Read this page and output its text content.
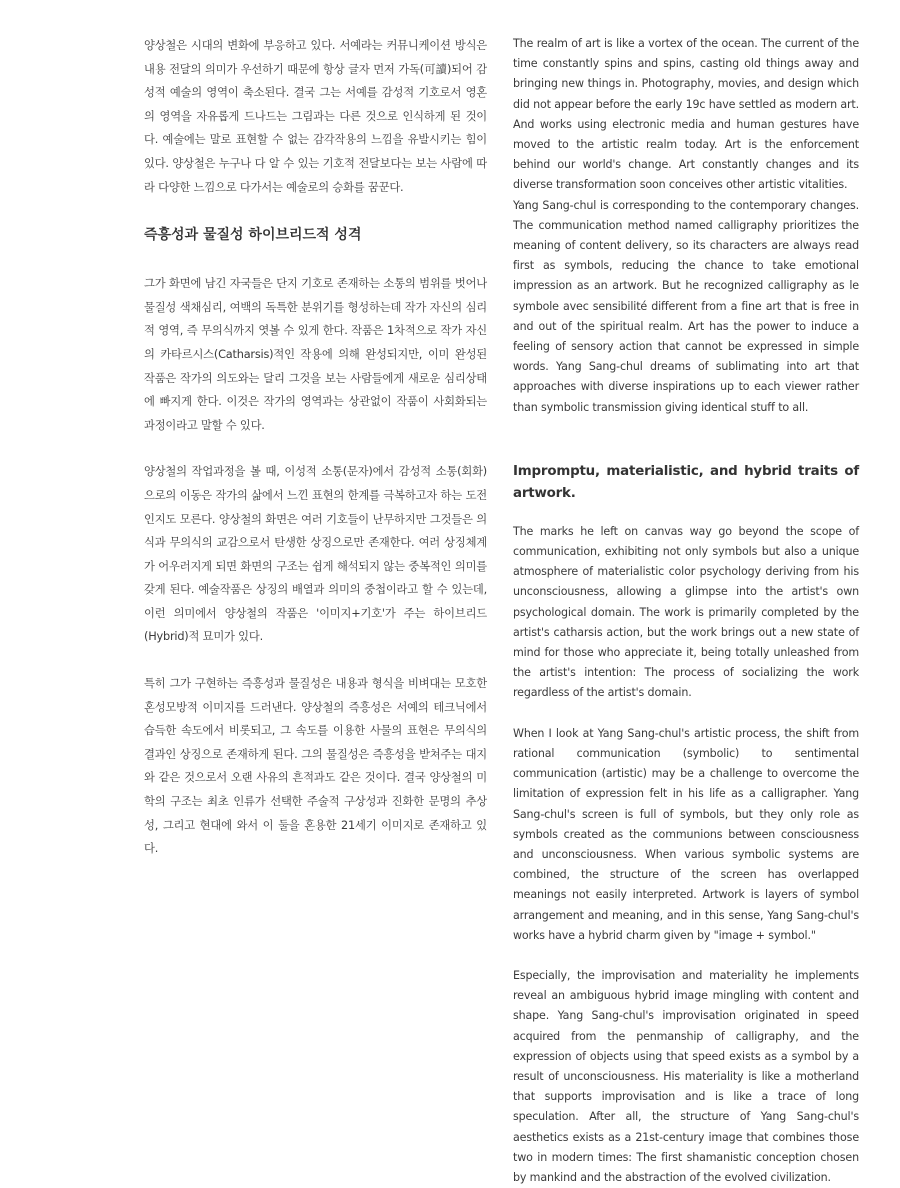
양상철은 시대의 변화에 부응하고 있다. 서예라는 커뮤니케이션 방식은 내용 전달의 의미가 우선하기 때문에 항상 글자 먼저 가독(可讀)되어 감성적 예술의 영역이 축소된다. 결국 그는 서예를 감성적 기호로서 영혼의 영역을 자유롭게 드나드는 그림과는 다른 것으로 인식하게 된 것이다. 예술에는 말로 표현할 수 없는 감각작용의 느낌을 유발시키는 힘이 있다. 양상철은 누구나 다 알 수 있는 기호적 전달보다는 보는 사람에 따라 다양한 느낌으로 다가서는 예술로의 승화를 꿈꾼다.

즉흥성과 물질성 하이브리드적 성격

그가 화면에 남긴 자국들은 단지 기호로 존재하는 소통의 범위를 벗어나 물질성 색채심리, 여백의 독특한 분위기를 형성하는데 작가 자신의 심리적 영역, 즉 무의식까지 엿볼 수 있게 한다. 작품은 1차적으로 작가 자신의 카타르시스(Catharsis)적인 작용에 의해 완성되지만, 이미 완성된 작품은 작가의 의도와는 달리 그것을 보는 사람들에게 새로운 심리상태에 빠지게 한다. 이것은 작가의 영역과는 상관없이 작품이 사회화되는 과정이라고 말할 수 있다.

양상철의 작업과정을 볼 때, 이성적 소통(문자)에서 감성적 소통(회화)으로의 이동은 작가의 삶에서 느낀 표현의 한계를 극복하고자 하는 도전인지도 모른다. 양상철의 화면은 여러 기호들이 난무하지만 그것들은 의식과 무의식의 교감으로서 탄생한 상징으로만 존재한다. 여러 상징체계가 어우러지게 되면 화면의 구조는 쉽게 해석되지 않는 중복적인 의미를 갖게 된다. 예술작품은 상징의 배열과 의미의 중첩이라고 할 수 있는데, 이런 의미에서 양상철의 작품은 '이미지+기호'가 주는 하이브리드(Hybrid)적 묘미가 있다.

특히 그가 구현하는 즉흥성과 물질성은 내용과 형식을 비벼대는 모호한 혼성모방적 이미지를 드러낸다. 양상철의 즉흥성은 서예의 테크닉에서 습득한 속도에서 비롯되고, 그 속도를 이용한 사물의 표현은 무의식의 결과인 상징으로 존재하게 된다. 그의 물질성은 즉흥성을 받쳐주는 대지와 같은 것으로서 오랜 사유의 흔적과도 같은 것이다. 결국 양상철의 미학의 구조는 최초 인류가 선택한 주술적 구상성과 진화한 문명의 추상성, 그리고 현대에 와서 이 둘을 혼용한 21세기 이미지로 존재하고 있다.

The realm of art is like a vortex of the ocean. The current of the time constantly spins and spins, casting old things away and bringing new things in. Photography, movies, and design which did not appear before the early 19c have settled as modern art. And works using electronic media and human gestures have moved to the artistic realm today. Art is the enforcement behind our world's change. Art constantly changes and its diverse transformation soon conceives other artistic vitalities.

Yang Sang-chul is corresponding to the contemporary changes. The communication method named calligraphy prioritizes the meaning of content delivery, so its characters are always read first as symbols, reducing the chance to take emotional impression as an artwork. But he recognized calligraphy as le symbole avec sensibilité different from a fine art that is free in and out of the spiritual realm. Art has the power to induce a feeling of sensory action that cannot be expressed in simple words. Yang Sang-chul dreams of sublimating into art that approaches with diverse inspirations up to each viewer rather than symbolic transmission giving identical stuff to all.

Impromptu, materialistic, and hybrid traits of artwork.

The marks he left on canvas way go beyond the scope of communication, exhibiting not only symbols but also a unique atmosphere of materialistic color psychology deriving from his unconsciousness, allowing a glimpse into the artist's own psychological domain. The work is primarily completed by the artist's catharsis action, but the work brings out a new state of mind for those who appreciate it, being totally unleashed from the artist's intention: The process of socializing the work regardless of the artist's domain.

When I look at Yang Sang-chul's artistic process, the shift from rational communication (symbolic) to sentimental communication (artistic) may be a challenge to overcome the limitation of expression felt in his life as a calligrapher. Yang Sang-chul's screen is full of symbols, but they only role as symbols created as the communions between consciousness and unconsciousness. When various symbolic systems are combined, the structure of the screen has overlapped meanings not easily interpreted. Artwork is layers of symbol arrangement and meaning, and in this sense, Yang Sang-chul's works have a hybrid charm given by "image + symbol."

Especially, the improvisation and materiality he implements reveal an ambiguous hybrid image mingling with content and shape. Yang Sang-chul's improvisation originated in speed acquired from the penmanship of calligraphy, and the expression of objects using that speed exists as a symbol by a result of unconsciousness. His materiality is like a motherland that supports improvisation and is like a trace of long speculation. After all, the structure of Yang Sang-chul's aesthetics exists as a 21st-century image that combines those two in modern times: The first shamanistic conception chosen by mankind and the abstraction of the evolved civilization.
